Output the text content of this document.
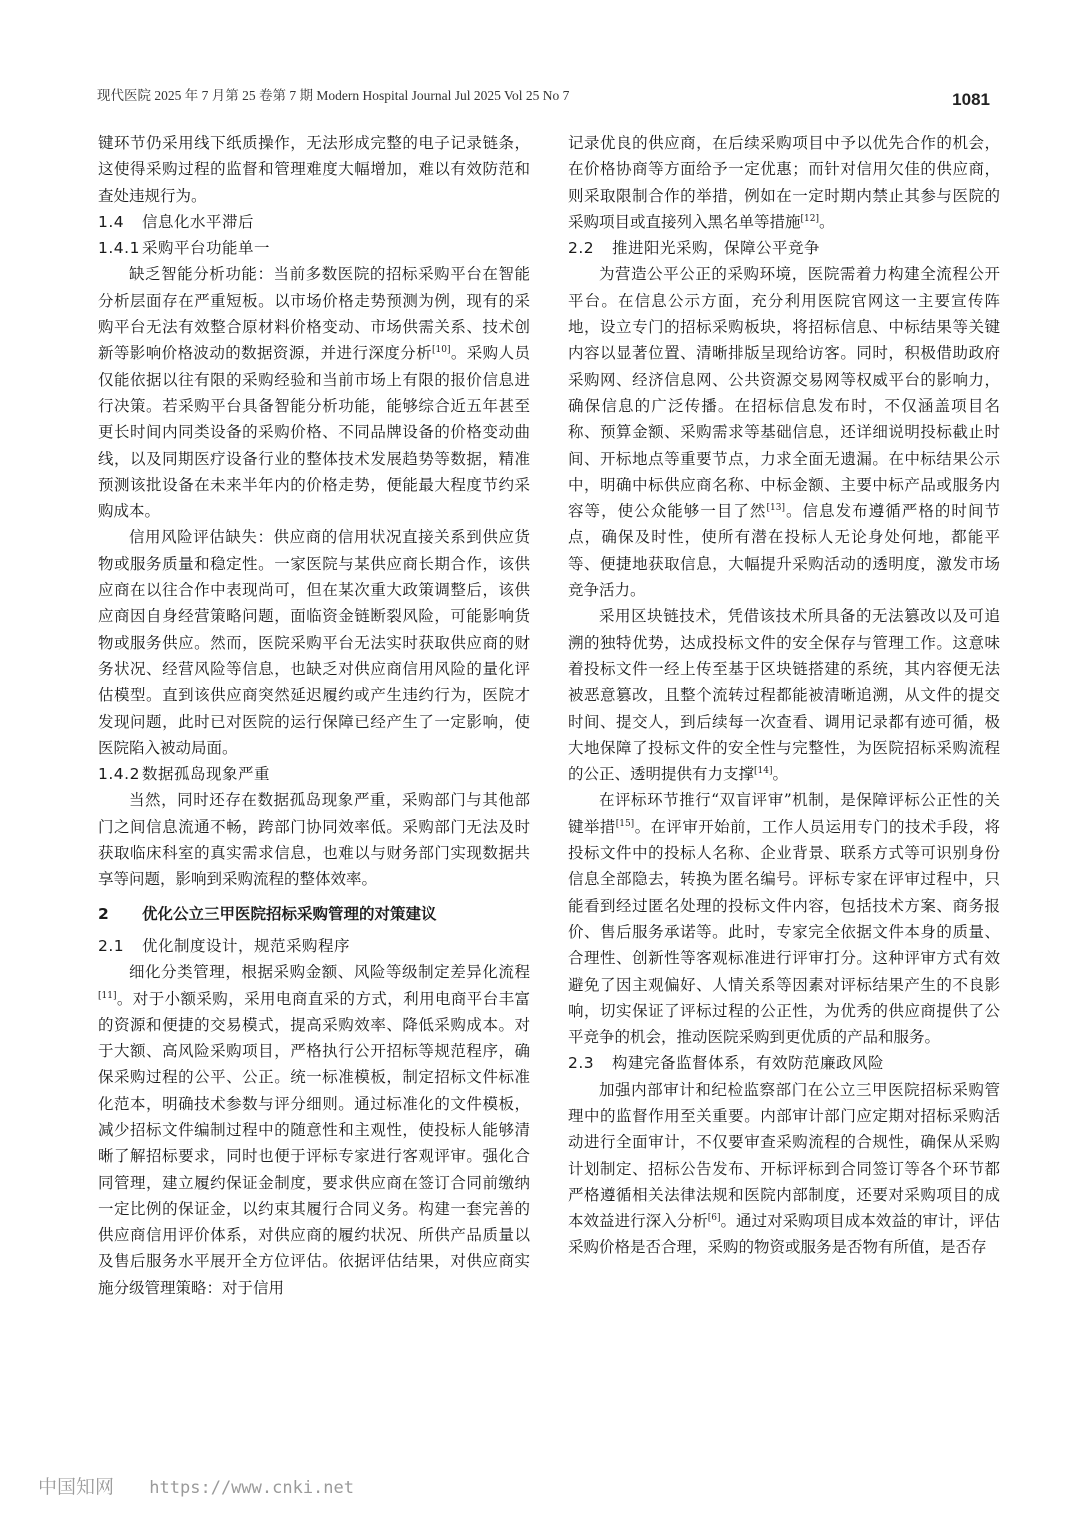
现代医院 2025 年 7 月第 25 卷第 7 期 Modern Hospital Journal Jul 2025 Vol 25 No 7	1081

键环节仍采用线下纸质操作，无法形成完整的电子记录链条，这使得采购过程的监督和管理难度大幅增加，难以有效防范和查处违规行为。

1.4 信息化水平滞后
1.4.1 采购平台功能单一

缺乏智能分析功能：当前多数医院的招标采购平台在智能分析层面存在严重短板。以市场价格走势预测为例，现有的采购平台无法有效整合原材料价格变动、市场供需关系、技术创新等影响价格波动的数据资源，并进行深度分析[10]。采购人员仅能依据以往有限的采购经验和当前市场上有限的报价信息进行决策。若采购平台具备智能分析功能，能够综合近五年甚至更长时间内同类设备的采购价格、不同品牌设备的价格变动曲线，以及同期医疗设备行业的整体技术发展趋势等数据，精准预测该批设备在未来半年内的价格走势，便能最大程度节约采购成本。

信用风险评估缺失：供应商的信用状况直接关系到供应货物或服务质量和稳定性。一家医院与某供应商长期合作，该供应商在以往合作中表现尚可，但在某次重大政策调整后，该供应商因自身经营策略问题，面临资金链断裂风险，可能影响货物或服务供应。然而，医院采购平台无法实时获取供应商的财务状况、经营风险等信息，也缺乏对供应商信用风险的量化评估模型。直到该供应商突然延迟履约或产生违约行为，医院才发现问题，此时已对医院的运行保障已经产生了一定影响，使医院陷入被动局面。

1.4.2 数据孤岛现象严重

当然，同时还存在数据孤岛现象严重，采购部门与其他部门之间信息流通不畅，跨部门协同效率低。采购部门无法及时获取临床科室的真实需求信息，也难以与财务部门实现数据共享等问题，影响到采购流程的整体效率。

2 优化公立三甲医院招标采购管理的对策建议
2.1 优化制度设计，规范采购程序

细化分类管理，根据采购金额、风险等级制定差异化流程[11]。对于小额采购，采用电商直采的方式，利用电商平台丰富的资源和便捷的交易模式，提高采购效率、降低采购成本。对于大额、高风险采购项目，严格执行公开招标等规范程序，确保采购过程的公平、公正。统一标准模板，制定招标文件标准化范本，明确技术参数与评分细则。通过标准化的文件模板，减少招标文件编制过程中的随意性和主观性，使投标人能够清晰了解招标要求，同时也便于评标专家进行客观评审。强化合同管理，建立履约保证金制度，要求供应商在签订合同前缴纳一定比例的保证金，以约束其履行合同义务。构建一套完善的供应商信用评价体系，对供应商的履约状况、所供产品质量以及售后服务水平展开全方位评估。依据评估结果，对供应商实施分级管理策略：对于信用

记录优良的供应商，在后续采购项目中予以优先合作的机会，在价格协商等方面给予一定优惠；而针对信用欠佳的供应商，则采取限制合作的举措，例如在一定时期内禁止其参与医院的采购项目或直接列入黑名单等措施[12]。

2.2 推进阳光采购，保障公平竞争

为营造公平公正的采购环境，医院需着力构建全流程公开平台。在信息公示方面，充分利用医院官网这一主要宣传阵地，设立专门的招标采购板块，将招标信息、中标结果等关键内容以显著位置、清晰排版呈现给访客。同时，积极借助政府采购网、经济信息网、公共资源交易网等权威平台的影响力，确保信息的广泛传播。在招标信息发布时，不仅涵盖项目名称、预算金额、采购需求等基础信息，还详细说明投标截止时间、开标地点等重要节点，力求全面无遗漏。在中标结果公示中，明确中标供应商名称、中标金额、主要中标产品或服务内容等，使公众能够一目了然[13]。信息发布遵循严格的时间节点，确保及时性，使所有潜在投标人无论身处何地，都能平等、便捷地获取信息，大幅提升采购活动的透明度，激发市场竞争活力。

采用区块链技术，凭借该技术所具备的无法篡改以及可追溯的独特优势，达成投标文件的安全保存与管理工作。这意味着投标文件一经上传至基于区块链搭建的系统，其内容便无法被恶意篡改，且整个流转过程都能被清晰追溯，从文件的提交时间、提交人，到后续每一次查看、调用记录都有迹可循，极大地保障了投标文件的安全性与完整性，为医院招标采购流程的公正、透明提供有力支撑[14]。

在评标环节推行“双盲评审”机制，是保障评标公正性的关键举措[15]。在评审开始前，工作人员运用专门的技术手段，将投标文件中的投标人名称、企业背景、联系方式等可识别身份信息全部隐去，转换为匿名编号。评标专家在评审过程中，只能看到经过匿名处理的投标文件内容，包括技术方案、商务报价、售后服务承诺等。此时，专家完全依据文件本身的质量、合理性、创新性等客观标准进行评审打分。这种评审方式有效避免了因主观偏好、人情关系等因素对评标结果产生的不良影响，切实保证了评标过程的公正性，为优秀的供应商提供了公平竞争的机会，推动医院采购到更优质的产品和服务。

2.3 构建完备监督体系，有效防范廉政风险

加强内部审计和纪检监察部门在公立三甲医院招标采购管理中的监督作用至关重要。内部审计部门应定期对招标采购活动进行全面审计，不仅要审查采购流程的合规性，确保从采购计划制定、招标公告发布、开标评标到合同签订等各个环节都严格遵循相关法律法规和医院内部制度，还要对采购项目的成本效益进行深入分析[6]。通过对采购项目成本效益的审计，评估采购价格是否合理，采购的物资或服务是否物有所值，是否存

中国知网 https://www.cnki.net
